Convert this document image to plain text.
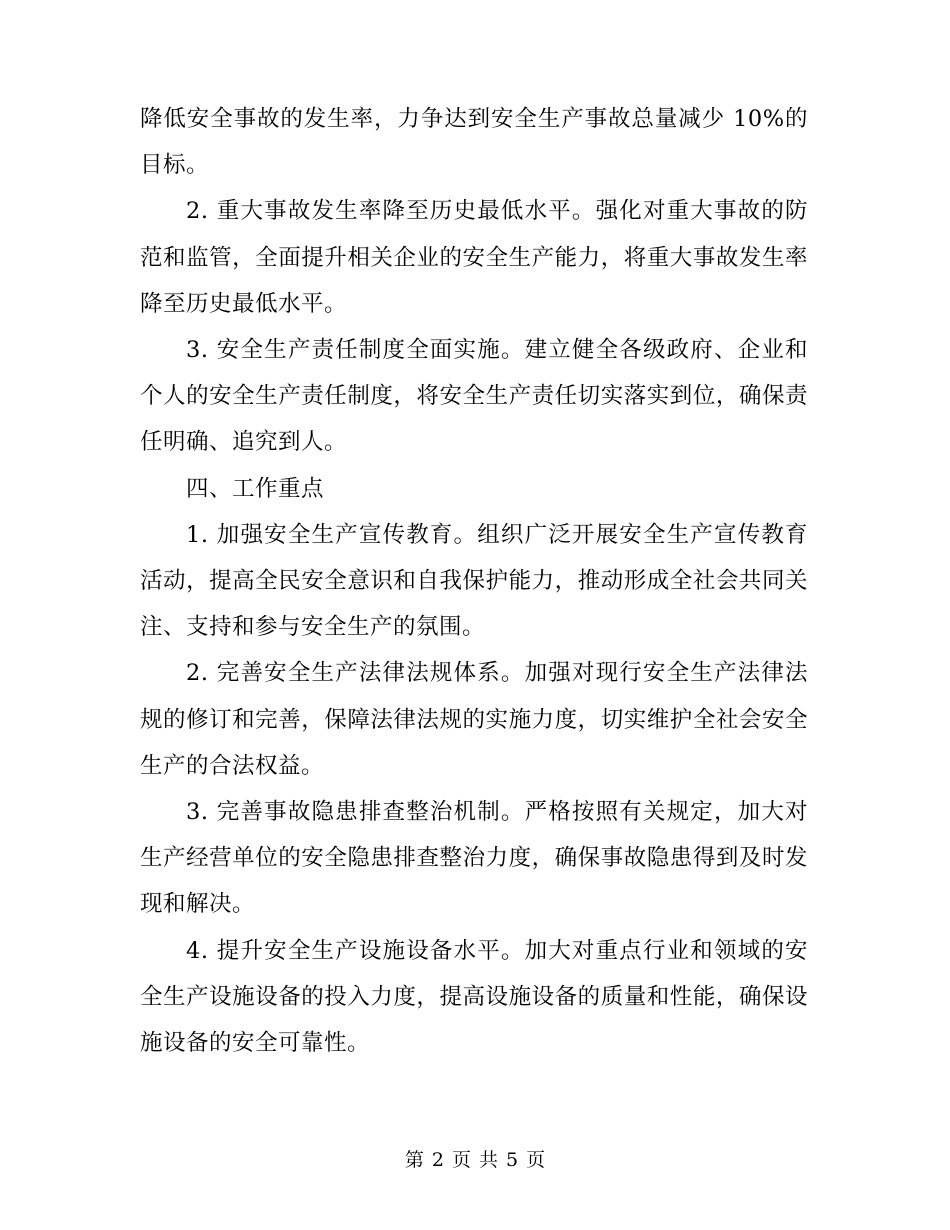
降低安全事故的发生率，力争达到安全生产事故总量减少 10%的目标。

2. 重大事故发生率降至历史最低水平。强化对重大事故的防范和监管，全面提升相关企业的安全生产能力，将重大事故发生率降至历史最低水平。

3. 安全生产责任制度全面实施。建立健全各级政府、企业和个人的安全生产责任制度，将安全生产责任切实落实到位，确保责任明确、追究到人。

四、工作重点

1. 加强安全生产宣传教育。组织广泛开展安全生产宣传教育活动，提高全民安全意识和自我保护能力，推动形成全社会共同关注、支持和参与安全生产的氛围。

2. 完善安全生产法律法规体系。加强对现行安全生产法律法规的修订和完善，保障法律法规的实施力度，切实维护全社会安全生产的合法权益。

3. 完善事故隐患排查整治机制。严格按照有关规定，加大对生产经营单位的安全隐患排查整治力度，确保事故隐患得到及时发现和解决。

4. 提升安全生产设施设备水平。加大对重点行业和领域的安全生产设施设备的投入力度，提高设施设备的质量和性能，确保设施设备的安全可靠性。

第 2 页 共 5 页
